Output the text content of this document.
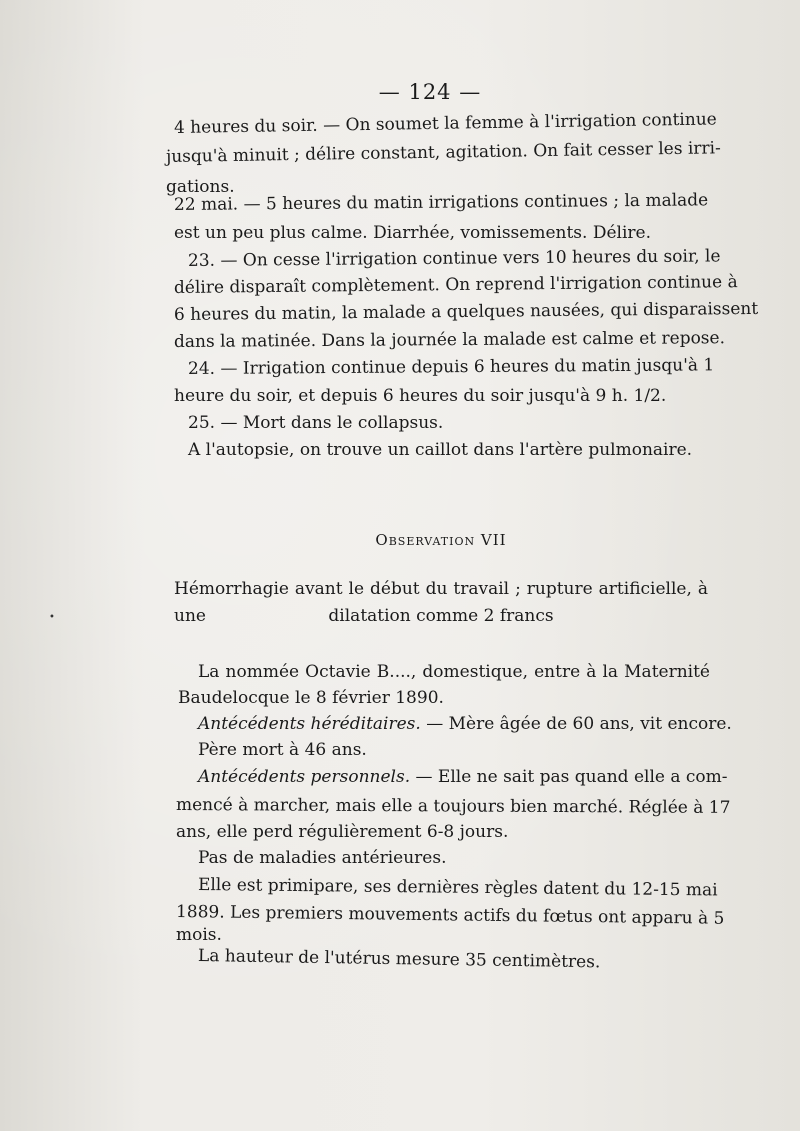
— 124 —
4 heures du soir. — On soumet la femme à l'irrigation continue
jusqu'à minuit ; délire constant, agitation. On fait cesser les irri-
gations.
22 mai. — 5 heures du matin irrigations continues ; la malade
est un peu plus calme. Diarrhée, vomissements. Délire.
23. — On cesse l'irrigation continue vers 10 heures du soir, le
délire disparaît complètement. On reprend l'irrigation continue à
6 heures du matin, la malade a quelques nausées, qui disparaissent
dans la matinée. Dans la journée la malade est calme et repose.
24. — Irrigation continue depuis 6 heures du matin jusqu'à 1
heure du soir, et depuis 6 heures du soir jusqu'à 9 h. 1/2.
25. — Mort dans le collapsus.
A l'autopsie, on trouve un caillot dans l'artère pulmonaire.
Observation VII
Hémorrhagie avant le début du travail ; rupture artificielle, à une	dilatation comme 2 francs
La nommée Octavie B...., domestique, entre à la Maternité
Baudelocque le 8 février 1890.
Antécédents héréditaires. — Mère âgée de 60 ans, vit encore.
Père mort à 46 ans.
Antécédents personnels. — Elle ne sait pas quand elle a com-
mencé à marcher, mais elle a toujours bien marché. Réglée à 17
ans, elle perd régulièrement 6-8 jours.
Pas de maladies antérieures.
Elle est primipare, ses dernières règles datent du 12-15 mai
1889. Les premiers mouvements actifs du fœtus ont apparu à 5
mois.
La hauteur de l'utérus mesure 35 centimètres.
•
